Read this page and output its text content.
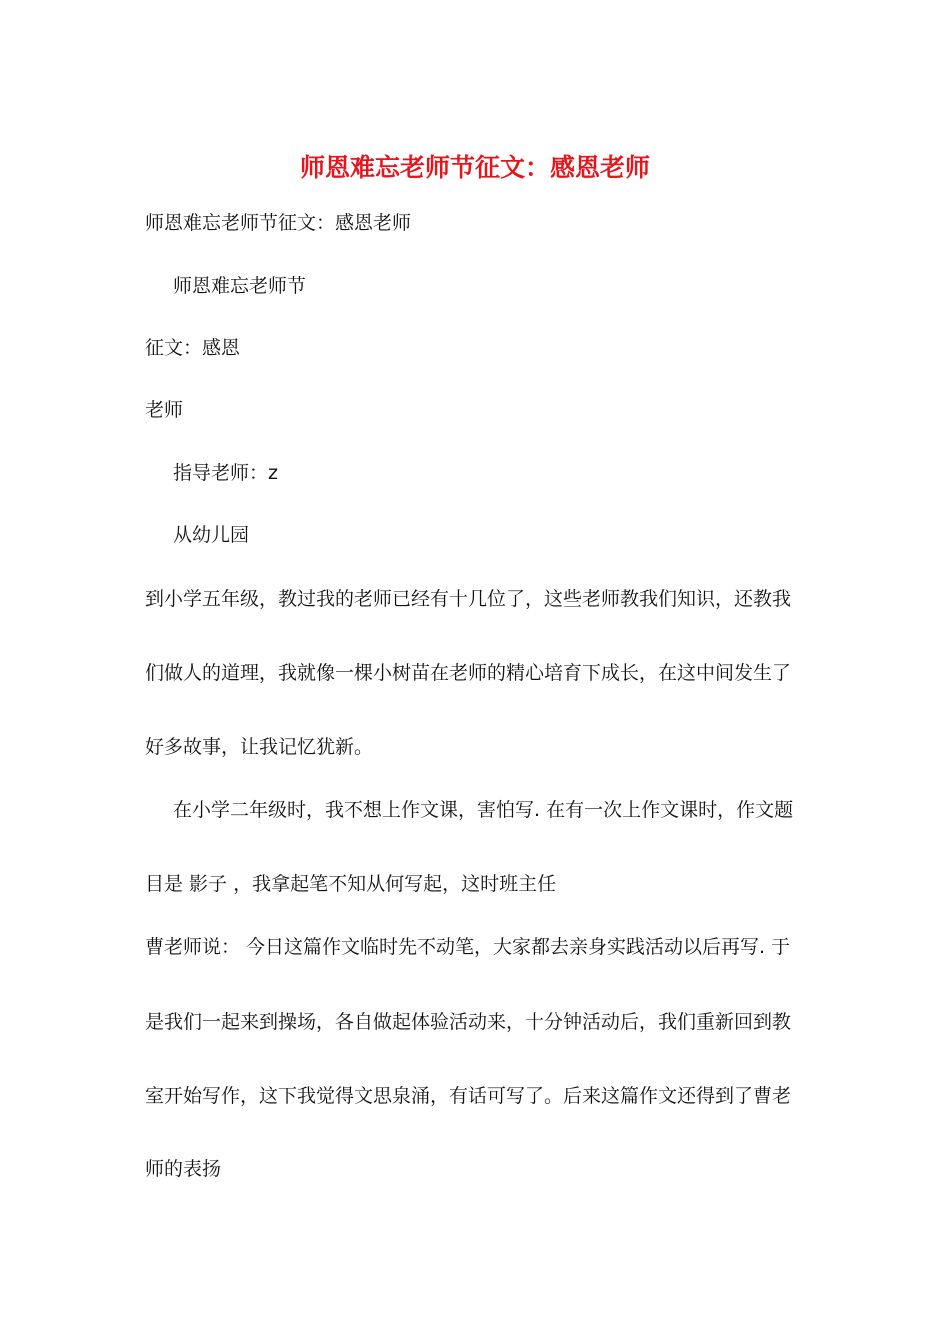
师恩难忘老师节征文：感恩老师
师恩难忘老师节征文：感恩老师
师恩难忘老师节
征文：感恩
老师
指导老师：z
从幼儿园
到小学五年级，教过我的老师已经有十几位了，这些老师教我们知识，还教我
们做人的道理，我就像一棵小树苗在老师的精心培育下成长，在这中间发生了
好多故事，让我记忆犹新。
在小学二年级时，我不想上作文课，害怕写. 在有一次上作文课时，作文题
目是 影子 ，我拿起笔不知从何写起，这时班主任
曹老师说： 今日这篇作文临时先不动笔，大家都去亲身实践活动以后再写. 于
是我们一起来到操场，各自做起体验活动来，十分钟活动后，我们重新回到教
室开始写作，这下我觉得文思泉涌，有话可写了。后来这篇作文还得到了曹老
师的表扬
